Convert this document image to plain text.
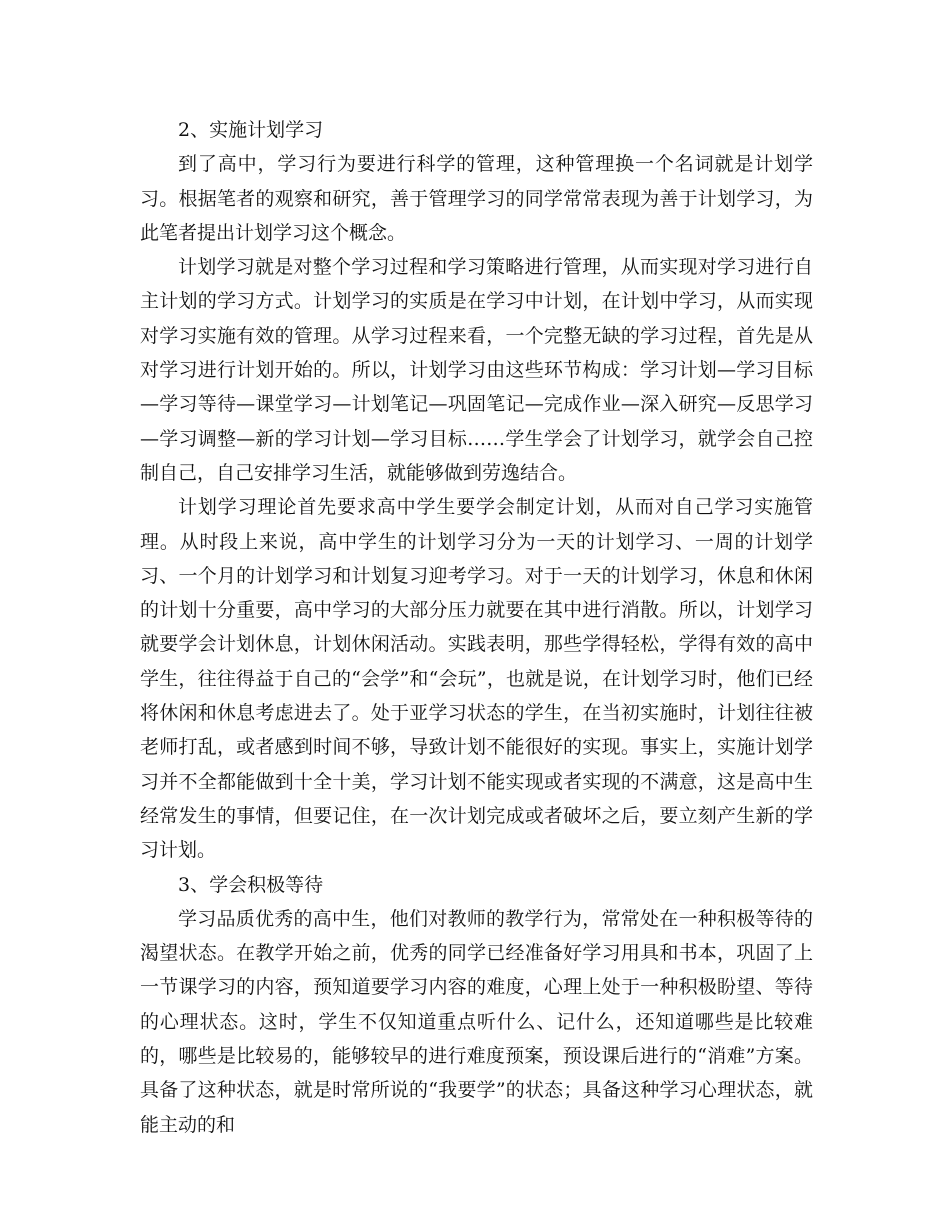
2、实施计划学习

到了高中，学习行为要进行科学的管理，这种管理换一个名词就是计划学习。根据笔者的观察和研究，善于管理学习的同学常常表现为善于计划学习，为此笔者提出计划学习这个概念。

计划学习就是对整个学习过程和学习策略进行管理，从而实现对学习进行自主计划的学习方式。计划学习的实质是在学习中计划，在计划中学习，从而实现对学习实施有效的管理。从学习过程来看，一个完整无缺的学习过程，首先是从对学习进行计划开始的。所以，计划学习由这些环节构成：学习计划—学习目标—学习等待—课堂学习—计划笔记—巩固笔记—完成作业—深入研究—反思学习—学习调整—新的学习计划—学习目标……学生学会了计划学习，就学会自己控制自己，自己安排学习生活，就能够做到劳逸结合。

计划学习理论首先要求高中学生要学会制定计划，从而对自己学习实施管理。从时段上来说，高中学生的计划学习分为一天的计划学习、一周的计划学习、一个月的计划学习和计划复习迎考学习。对于一天的计划学习，休息和休闲的计划十分重要，高中学习的大部分压力就要在其中进行消散。所以，计划学习就要学会计划休息，计划休闲活动。实践表明，那些学得轻松，学得有效的高中学生，往往得益于自己的“会学”和“会玩”，也就是说，在计划学习时，他们已经将休闲和休息考虑进去了。处于亚学习状态的学生，在当初实施时，计划往往被老师打乱，或者感到时间不够，导致计划不能很好的实现。事实上，实施计划学习并不全都能做到十全十美，学习计划不能实现或者实现的不满意，这是高中生经常发生的事情，但要记住，在一次计划完成或者破坏之后，要立刻产生新的学习计划。

3、学会积极等待

学习品质优秀的高中生，他们对教师的教学行为，常常处在一种积极等待的渴望状态。在教学开始之前，优秀的同学已经准备好学习用具和书本，巩固了上一节课学习的内容，预知道要学习内容的难度，心理上处于一种积极盼望、等待的心理状态。这时，学生不仅知道重点听什么、记什么，还知道哪些是比较难的，哪些是比较易的，能够较早的进行难度预案，预设课后进行的“消难”方案。具备了这种状态，就是时常所说的“我要学”的状态；具备这种学习心理状态，就能主动的和
